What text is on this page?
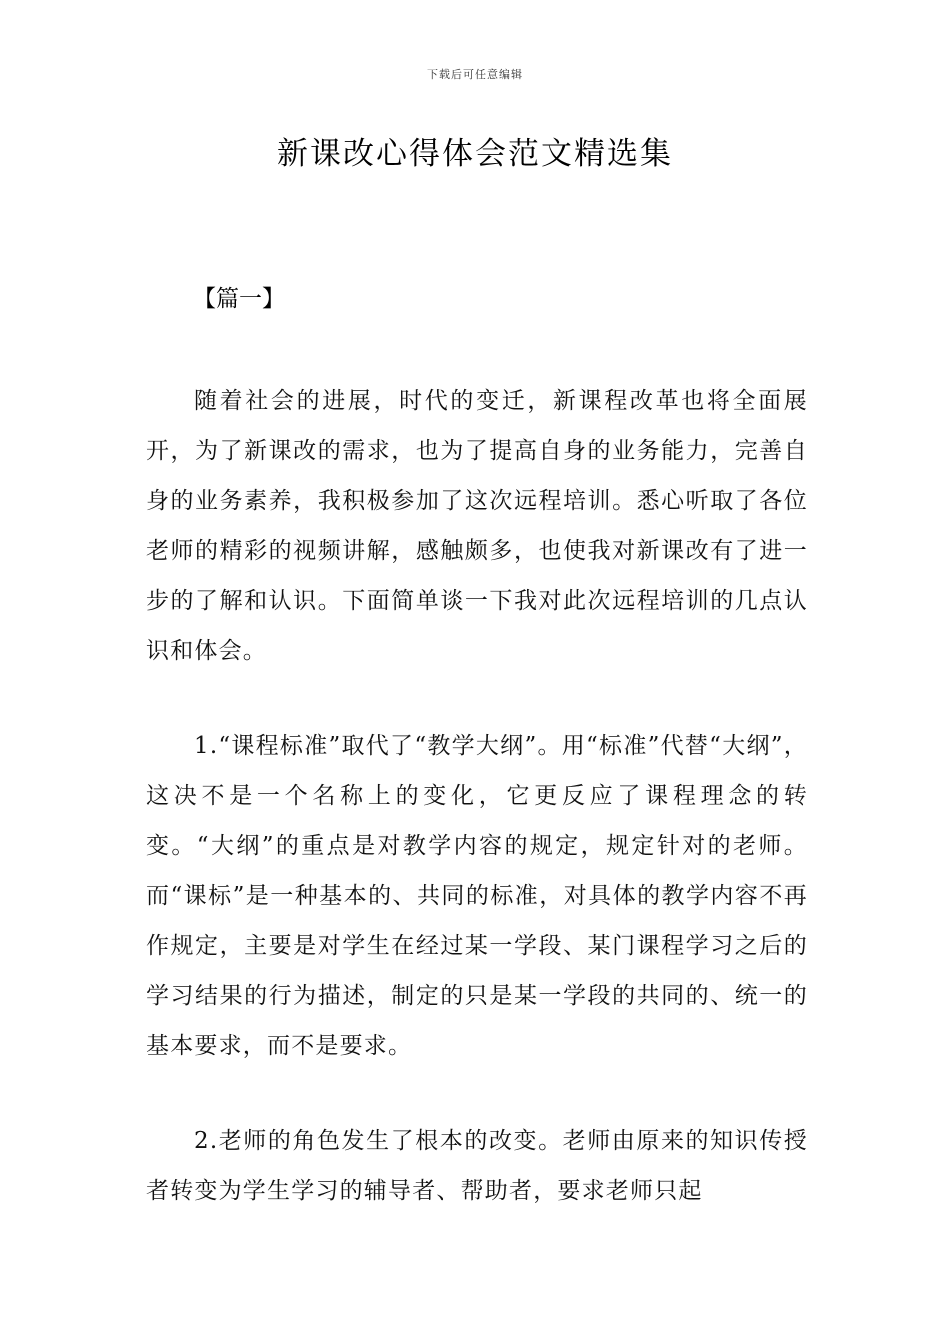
下载后可任意编辑
新课改心得体会范文精选集
【篇一】

随着社会的进展，时代的变迁，新课程改革也将全面展开，为了新课改的需求，也为了提高自身的业务能力，完善自身的业务素养，我积极参加了这次远程培训。悉心听取了各位老师的精彩的视频讲解，感触颇多，也使我对新课改有了进一步的了解和认识。下面简单谈一下我对此次远程培训的几点认识和体会。

1.“课程标准”取代了“教学大纲”。用“标准”代替“大纲”，这决不是一个名称上的变化，它更反应了课程理念的转变。“大纲”的重点是对教学内容的规定，规定针对的老师。而“课标”是一种基本的、共同的标准，对具体的教学内容不再作规定，主要是对学生在经过某一学段、某门课程学习之后的学习结果的行为描述，制定的只是某一学段的共同的、统一的基本要求，而不是要求。

2.老师的角色发生了根本的改变。老师由原来的知识传授者转变为学生学习的辅导者、帮助者，要求老师只起
